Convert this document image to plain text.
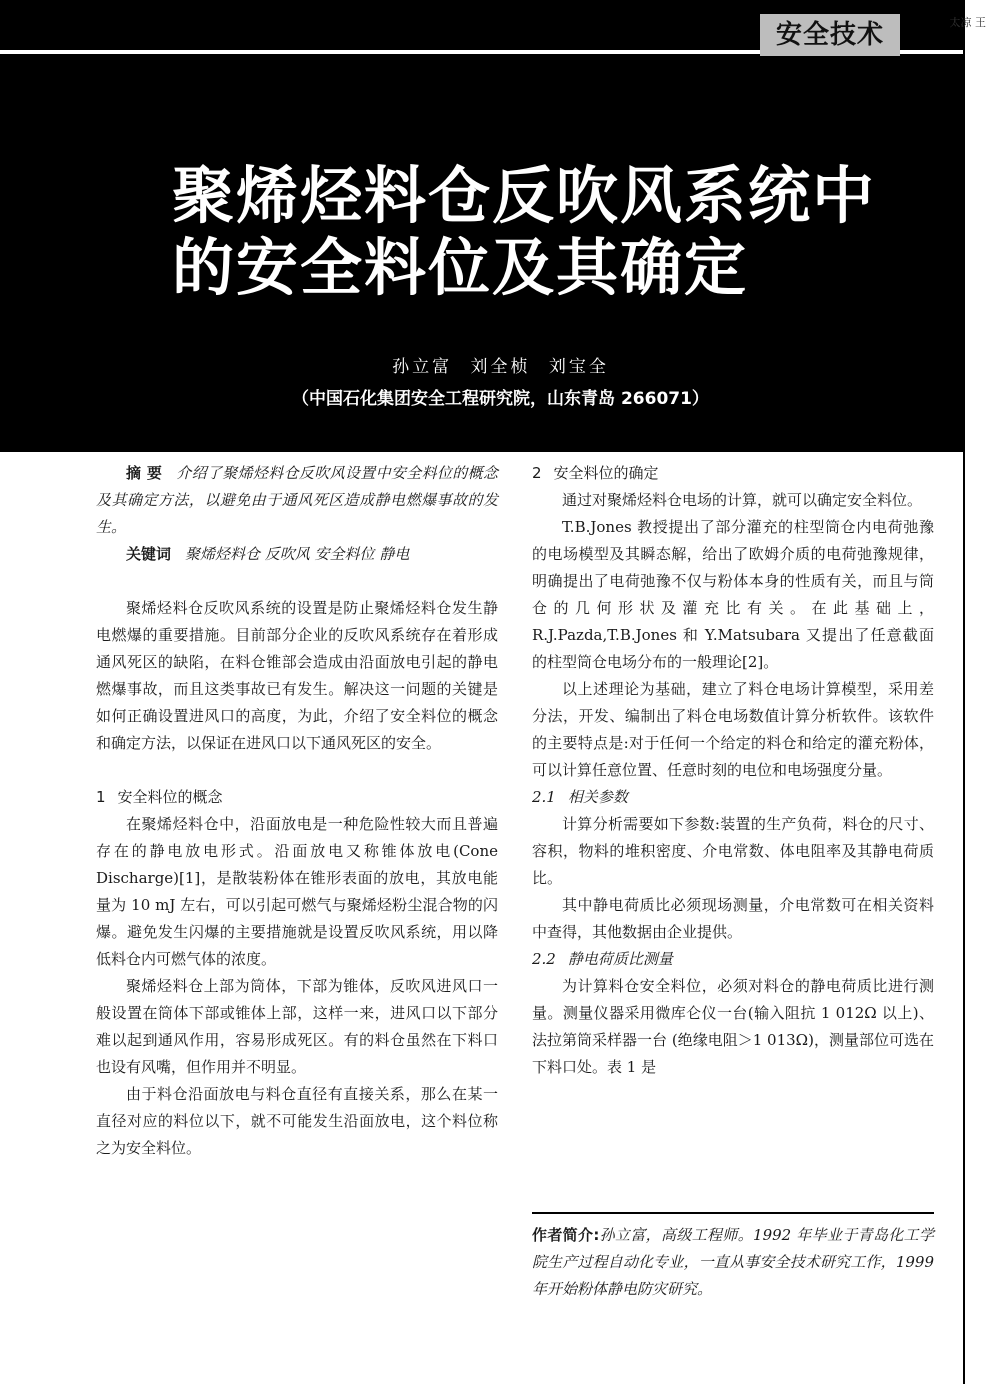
安全技术	太凉 王
聚烯烃料仓反吹风系统中
的安全料位及其确定
孙立富 刘全桢 刘宝全
（中国石化集团安全工程研究院，山东青岛 266071）

摘 要 介绍了聚烯烃料仓反吹风设置中安全料位的概念及其确定方法，以避免由于通风死区造成静电燃爆事故的发生。

关键词 聚烯烃料仓 反吹风 安全料位 静电

聚烯烃料仓反吹风系统的设置是防止聚烯烃料仓发生静电燃爆的重要措施。目前部分企业的反吹风系统存在着形成通风死区的缺陷，在料仓锥部会造成由沿面放电引起的静电燃爆事故，而且这类事故已有发生。解决这一问题的关键是如何正确设置进风口的高度，为此，介绍了安全料位的概念和确定方法，以保证在进风口以下通风死区的安全。

1 安全料位的概念

在聚烯烃料仓中，沿面放电是一种危险性较大而且普遍存在的静电放电形式。沿面放电又称锥体放电(Cone Discharge)[1]，是散装粉体在锥形表面的放电，其放电能量为 10 mJ 左右，可以引起可燃气与聚烯烃粉尘混合物的闪爆。避免发生闪爆的主要措施就是设置反吹风系统，用以降低料仓内可燃气体的浓度。

聚烯烃料仓上部为筒体，下部为锥体，反吹风进风口一般设置在筒体下部或锥体上部，这样一来，进风口以下部分难以起到通风作用，容易形成死区。有的料仓虽然在下料口也设有风嘴，但作用并不明显。

由于料仓沿面放电与料仓直径有直接关系，那么在某一直径对应的料位以下，就不可能发生沿面放电，这个料位称之为安全料位。

2 安全料位的确定

通过对聚烯烃料仓电场的计算，就可以确定安全料位。

T.B.Jones 教授提出了部分灌充的柱型筒仓内电荷弛豫的电场模型及其瞬态解，给出了欧姆介质的电荷弛豫规律，明确提出了电荷弛豫不仅与粉体本身的性质有关，而且与筒仓的几何形状及灌充比有关。在此基础上，R.J.Pazda,T.B.Jones 和 Y.Matsubara 又提出了任意截面的柱型筒仓电场分布的一般理论[2]。

以上述理论为基础，建立了料仓电场计算模型，采用差分法，开发、编制出了料仓电场数值计算分析软件。该软件的主要特点是:对于任何一个给定的料仓和给定的灌充粉体，可以计算任意位置、任意时刻的电位和电场强度分量。

2.1 相关参数

计算分析需要如下参数:装置的生产负荷，料仓的尺寸、容积，物料的堆积密度、介电常数、体电阻率及其静电荷质比。

其中静电荷质比必须现场测量，介电常数可在相关资料中查得，其他数据由企业提供。

2.2 静电荷质比测量

为计算料仓安全料位，必须对料仓的静电荷质比进行测量。测量仪器采用微库仑仪一台(输入阻抗 1 012Ω 以上)、法拉第筒采样器一台 (绝缘电阻＞1 013Ω)，测量部位可选在下料口处。表 1 是

作者简介:孙立富，高级工程师。1992 年毕业于青岛化工学院生产过程自动化专业，一直从事安全技术研究工作，1999 年开始粉体静电防灾研究。
